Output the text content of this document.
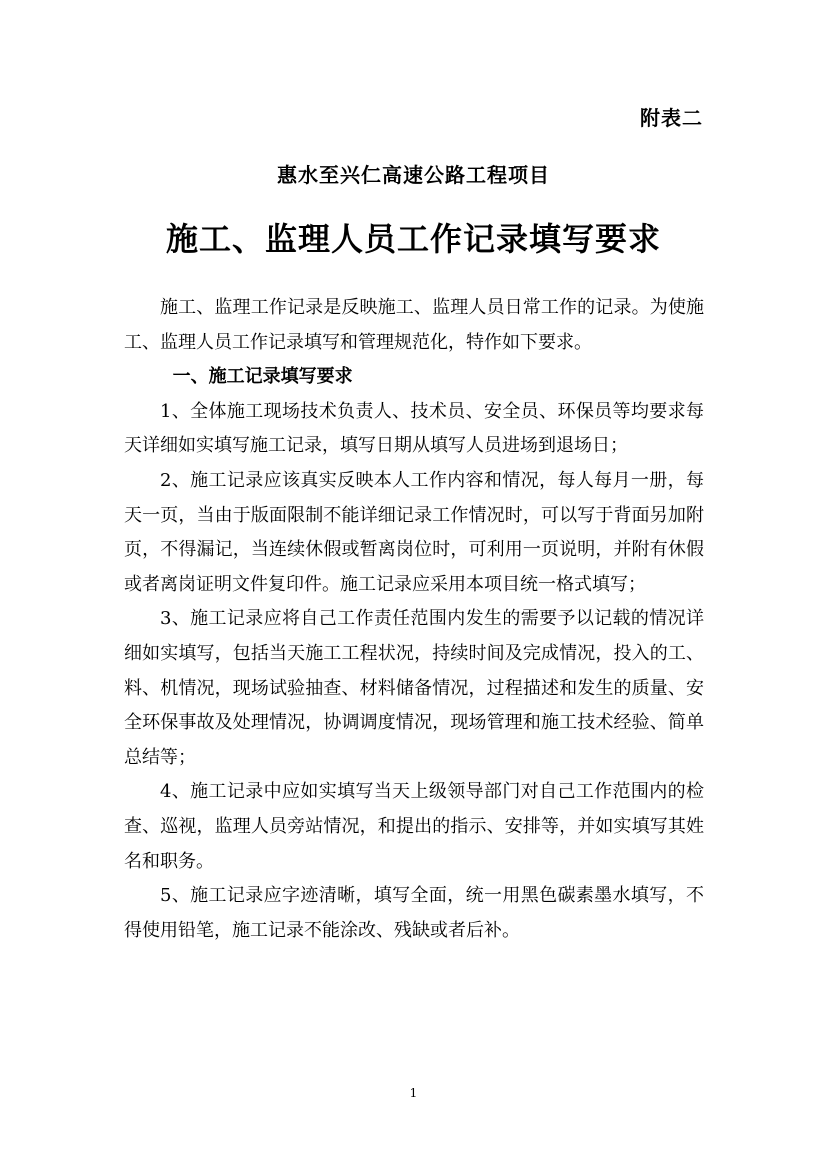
附表二
惠水至兴仁高速公路工程项目
施工、监理人员工作记录填写要求

施工、监理工作记录是反映施工、监理人员日常工作的记录。为使施工、监理人员工作记录填写和管理规范化，特作如下要求。

一、施工记录填写要求

1、全体施工现场技术负责人、技术员、安全员、环保员等均要求每天详细如实填写施工记录，填写日期从填写人员进场到退场日；

2、施工记录应该真实反映本人工作内容和情况，每人每月一册，每天一页，当由于版面限制不能详细记录工作情况时，可以写于背面另加附页，不得漏记，当连续休假或暂离岗位时，可利用一页说明，并附有休假或者离岗证明文件复印件。施工记录应采用本项目统一格式填写；

3、施工记录应将自己工作责任范围内发生的需要予以记载的情况详细如实填写，包括当天施工工程状况，持续时间及完成情况，投入的工、料、机情况，现场试验抽查、材料储备情况，过程描述和发生的质量、安全环保事故及处理情况，协调调度情况，现场管理和施工技术经验、简单总结等；

4、施工记录中应如实填写当天上级领导部门对自己工作范围内的检查、巡视，监理人员旁站情况，和提出的指示、安排等，并如实填写其姓名和职务。

5、施工记录应字迹清晰，填写全面，统一用黑色碳素墨水填写，不得使用铅笔，施工记录不能涂改、残缺或者后补。

1
